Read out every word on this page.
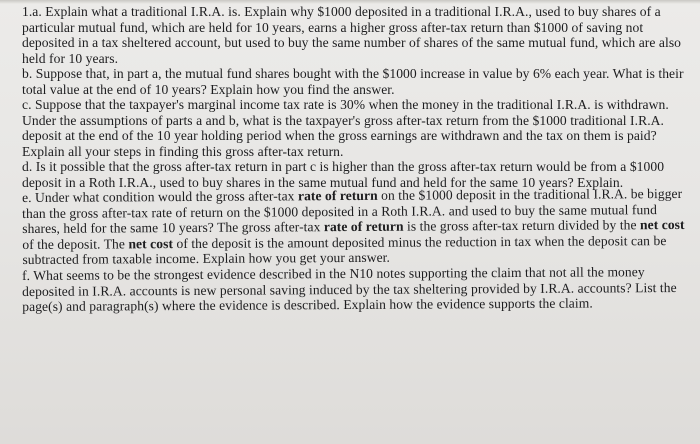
1.a. Explain what a traditional I.R.A. is. Explain why $1000 deposited in a traditional I.R.A., used to buy shares of a particular mutual fund, which are held for 10 years, earns a higher gross after-tax return than $1000 of saving not deposited in a tax sheltered account, but used to buy the same number of shares of the same mutual fund, which are also held for 10 years.

b. Suppose that, in part a, the mutual fund shares bought with the $1000 increase in value by 6% each year. What is their total value at the end of 10 years? Explain how you find the answer.

c. Suppose that the taxpayer's marginal income tax rate is 30% when the money in the traditional I.R.A. is withdrawn. Under the assumptions of parts a and b, what is the taxpayer's gross after-tax return from the $1000 traditional I.R.A. deposit at the end of the 10 year holding period when the gross earnings are withdrawn and the tax on them is paid? Explain all your steps in finding this gross after-tax return.

d. Is it possible that the gross after-tax return in part c is higher than the gross after-tax return would be from a $1000 deposit in a Roth I.R.A., used to buy shares in the same mutual fund and held for the same 10 years? Explain.

e. Under what condition would the gross after-tax rate of return on the $1000 deposit in the traditional I.R.A. be bigger than the gross after-tax rate of return on the $1000 deposited in a Roth I.R.A. and used to buy the same mutual fund shares, held for the same 10 years? The gross after-tax rate of return is the gross after-tax return divided by the net cost of the deposit. The net cost of the deposit is the amount deposited minus the reduction in tax when the deposit can be subtracted from taxable income. Explain how you get your answer.

f. What seems to be the strongest evidence described in the N10 notes supporting the claim that not all the money deposited in I.R.A. accounts is new personal saving induced by the tax sheltering provided by I.R.A. accounts? List the page(s) and paragraph(s) where the evidence is described. Explain how the evidence supports the claim.
